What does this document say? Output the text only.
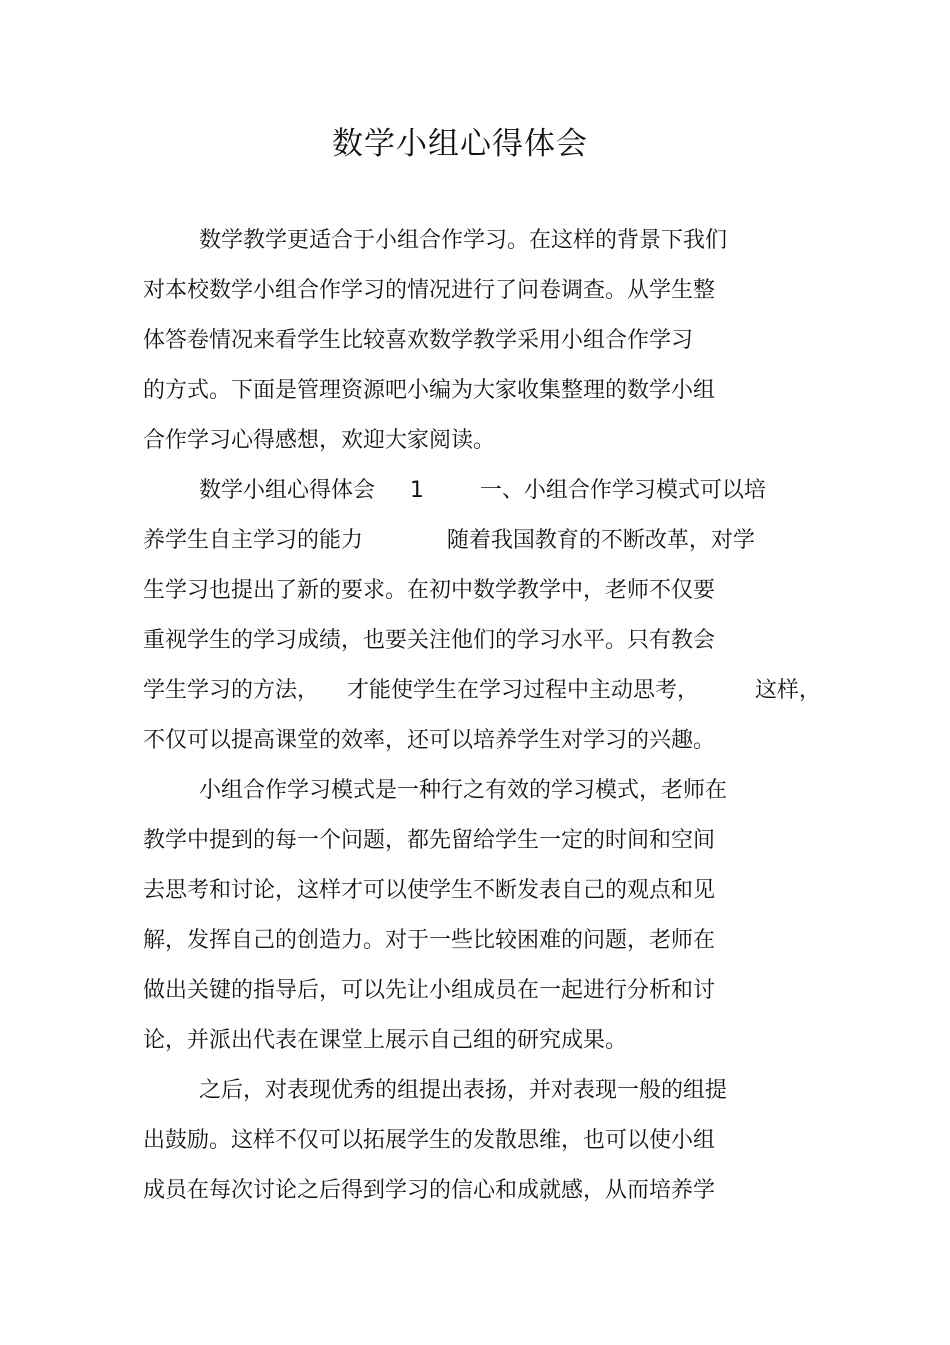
数学小组心得体会

数学教学更适合于小组合作学习。在这样的背景下我们

对本校数学小组合作学习的情况进行了问卷调查。从学生整

体答卷情况来看学生比较喜欢数学教学采用小组合作学习

的方式。下面是管理资源吧小编为大家收集整理的数学小组

合作学习心得感想，欢迎大家阅读。

数学小组心得体会     1        一、小组合作学习模式可以培

养学生自主学习的能力            随着我国教育的不断改革，对学

生学习也提出了新的要求。在初中数学教学中，老师不仅要

重视学生的学习成绩，也要关注他们的学习水平。只有教会

学生学习的方法，    才能使学生在学习过程中主动思考，        这样，

不仅可以提高课堂的效率，还可以培养学生对学习的兴趣。

小组合作学习模式是一种行之有效的学习模式，老师在

教学中提到的每一个问题，都先留给学生一定的时间和空间

去思考和讨论，这样才可以使学生不断发表自己的观点和见

解，发挥自己的创造力。对于一些比较困难的问题，老师在

做出关键的指导后，可以先让小组成员在一起进行分析和讨

论，并派出代表在课堂上展示自己组的研究成果。

之后，对表现优秀的组提出表扬，并对表现一般的组提

出鼓励。这样不仅可以拓展学生的发散思维，也可以使小组

成员在每次讨论之后得到学习的信心和成就感，从而培养学
